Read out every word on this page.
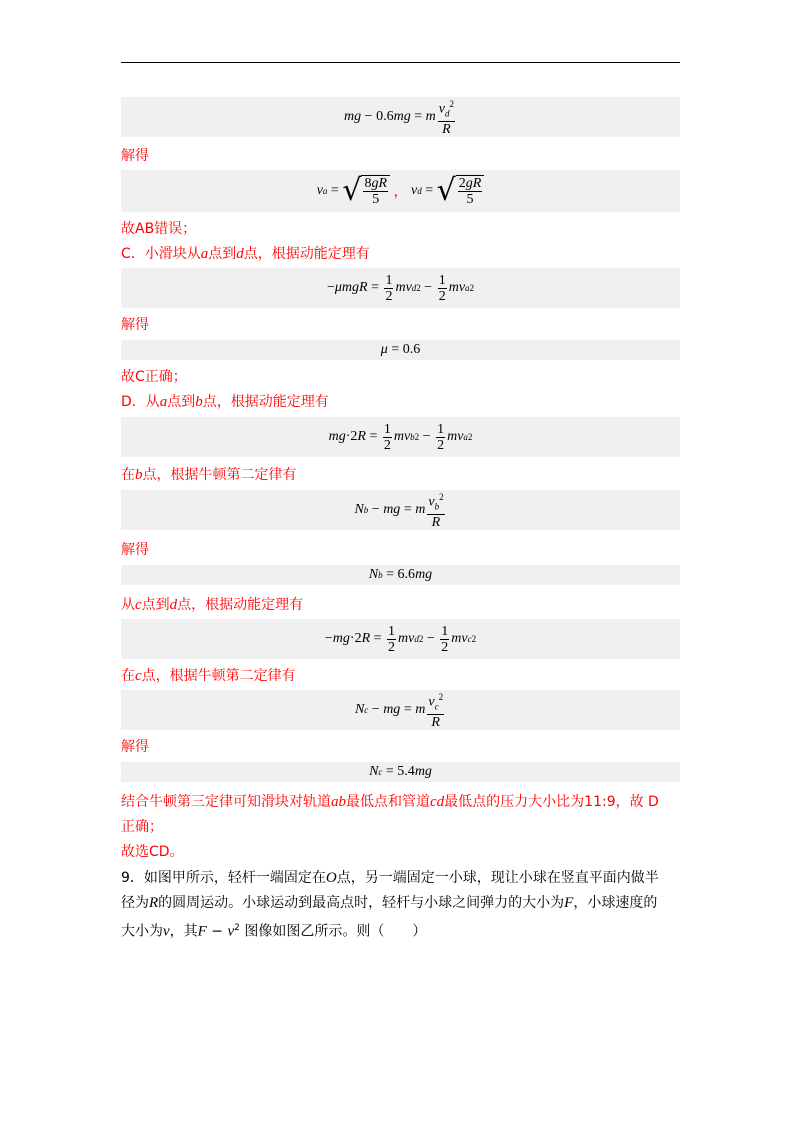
mg − 0.6 mg = m $\frac{v_d^2}{R}$
解得
v a = √ $\frac{8gR}{5}$
，
v d = √ $\frac{2gR}{5}$
故AB错误；
C．小滑块从a点到d点，根据动能定理有
− $\mu mgR = \frac{1}{2}$ mv d $2 - \frac{1}{2}$ mv a 2
解得
μ = 0.6
故C正确；
D．从a点到b点，根据动能定理有
mg ·2 $R = \frac{1}{2}$ mv b $2 - \frac{1}{2}$ mv a 2
在b点，根据牛顿第二定律有
N b − mg = m $\frac{v_b^2}{R}$
解得
N b = 6.6 mg
从c点到d点，根据动能定理有
− mg ·2 $R = \frac{1}{2}$ mv d $2 - \frac{1}{2}$ mv c 2
在c点，根据牛顿第二定律有
N c − mg = m $\frac{v_c^2}{R}$
解得
N c = 5.4 mg
结合牛顿第三定律可知滑块对轨道ab最低点和管道cd最低点的压力大小比为11:9，故 D
正确；
故选CD。
9．如图甲所示，轻杆一端固定在O点，另一端固定一小球，现让小球在竖直平面内做半
径为R的圆周运动。小球运动到最高点时，轻杆与小球之间弹力的大小为F，小球速度的
大小为v，其$F - v^2$ 图像如图乙所示。则（　　）
